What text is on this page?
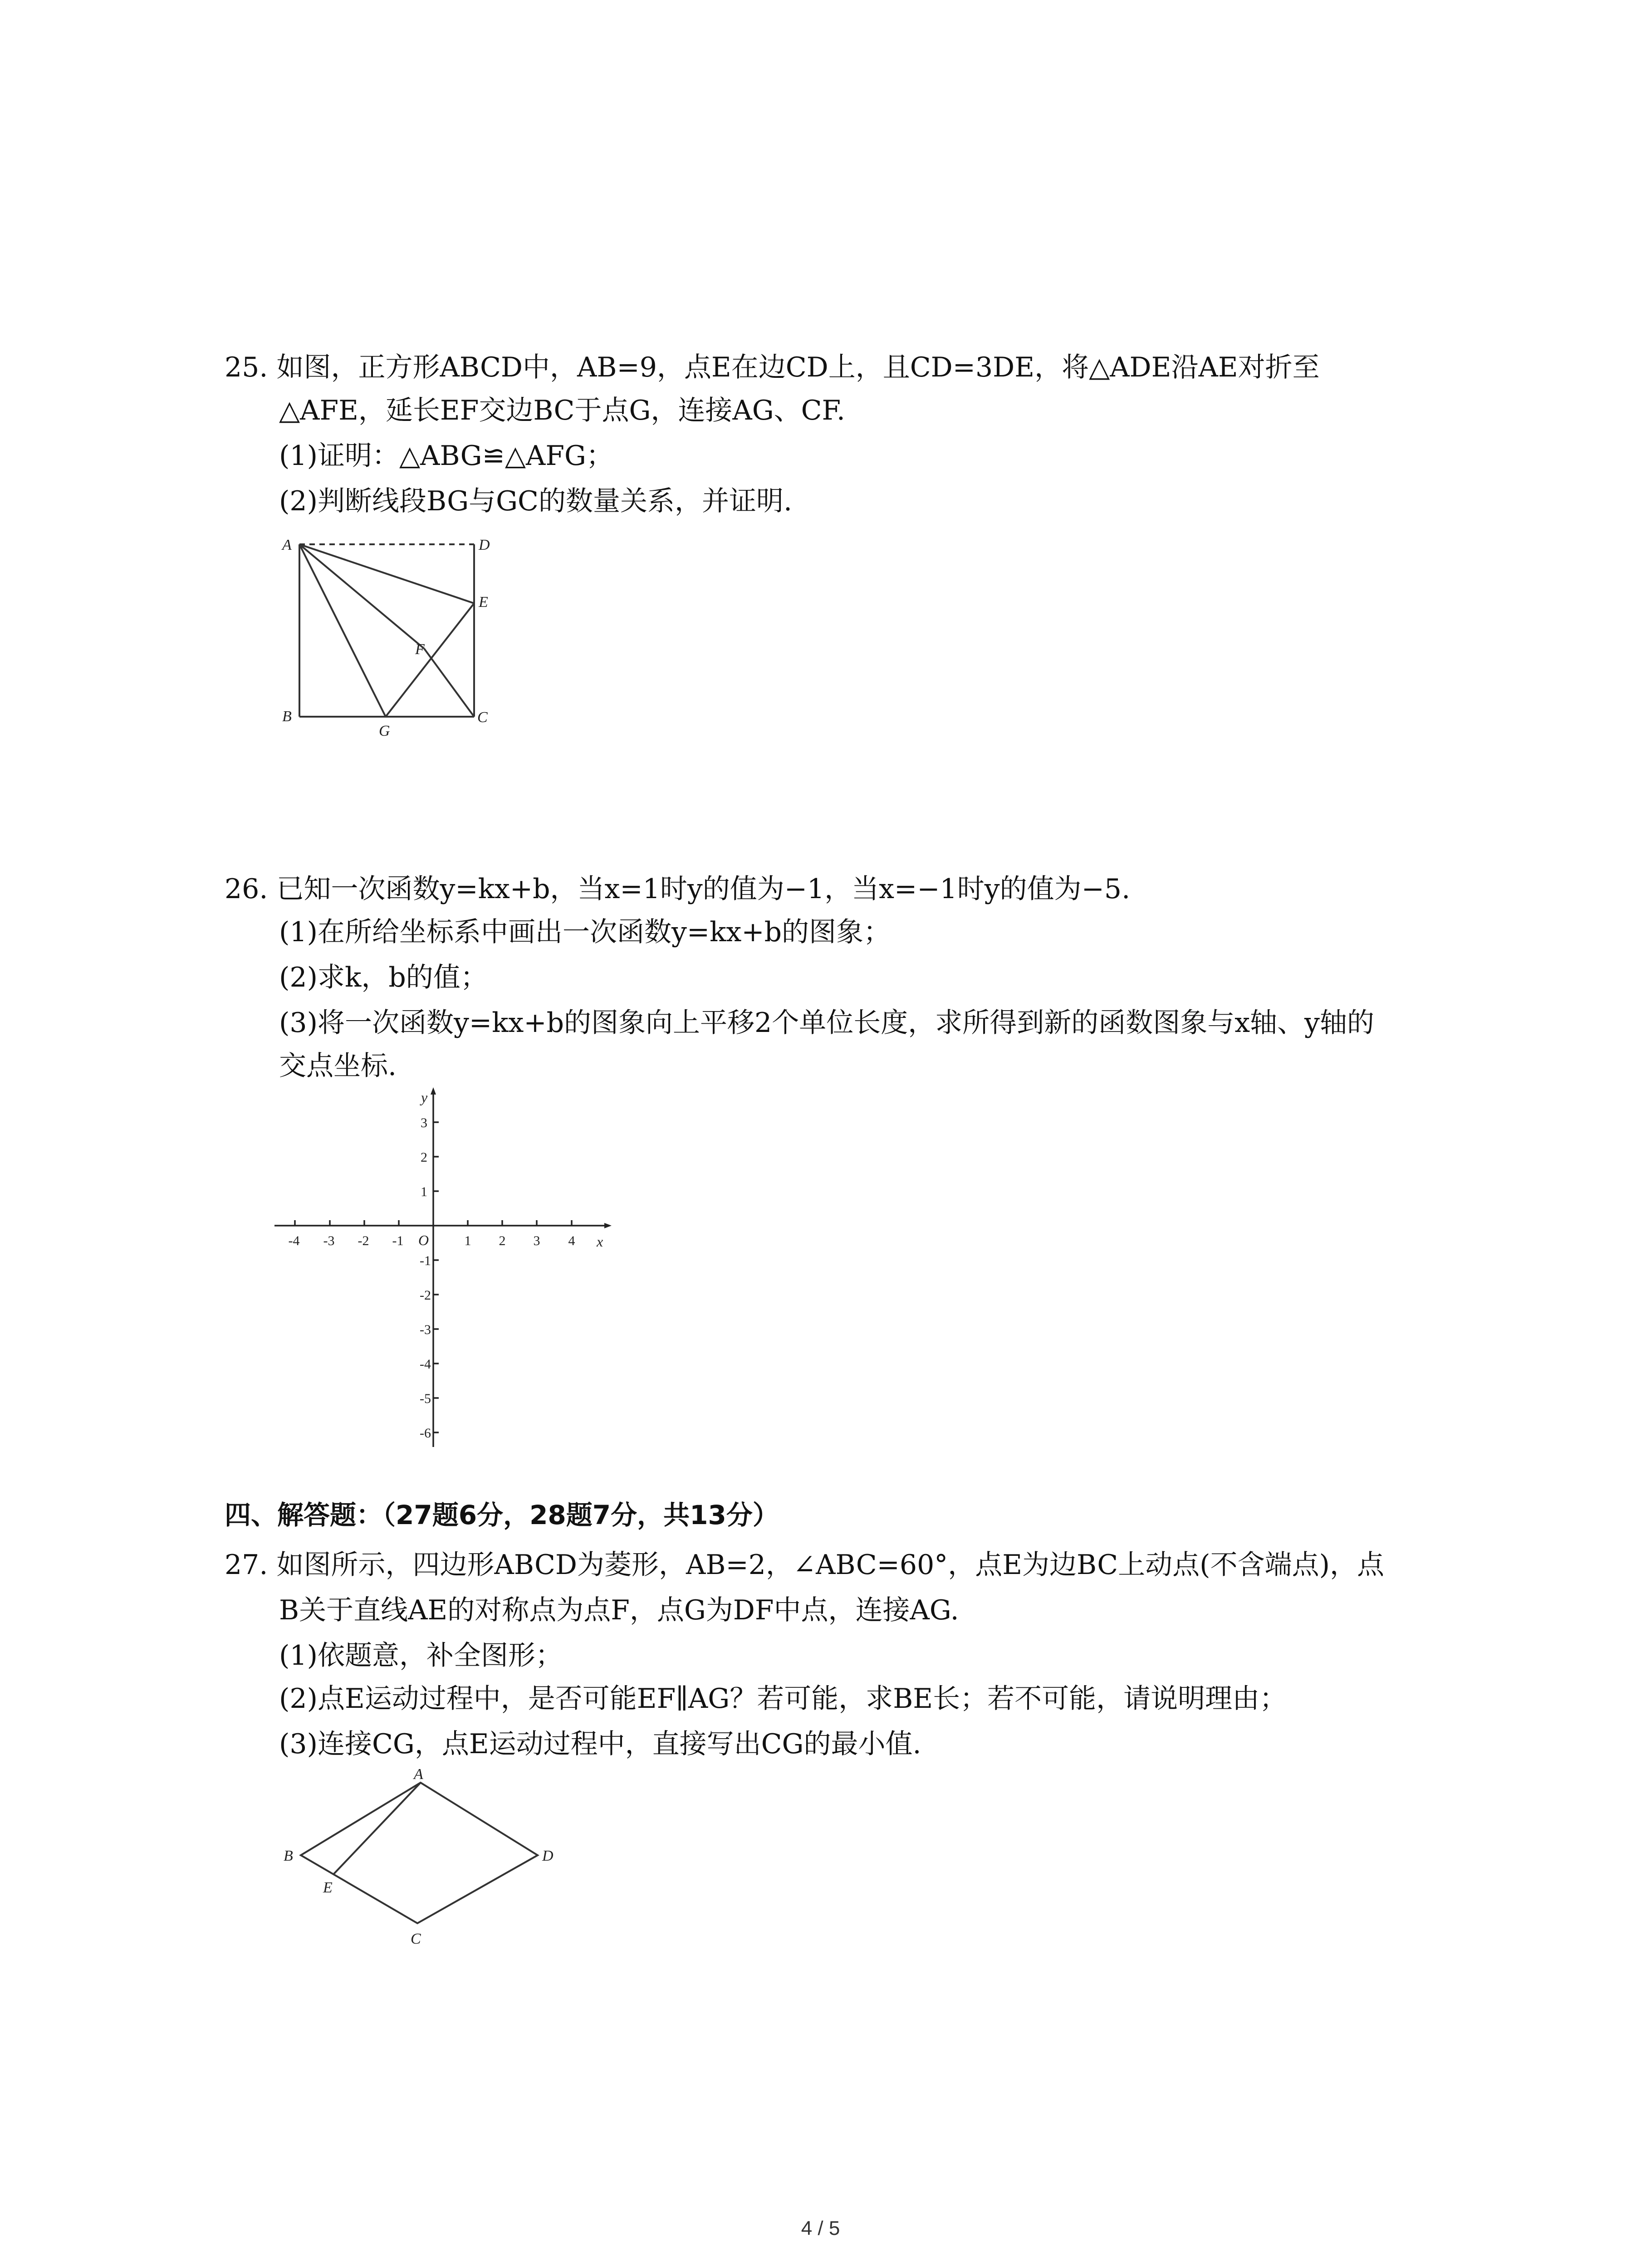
25. 如图，正方形ABCD中，AB=9，点E在边CD上，且CD=3DE，将△ADE沿AE对折至
△AFE，延长EF交边BC于点G，连接AG、CF.
(1)证明：△ABG≌△AFG；
(2)判断线段BG与GC的数量关系，并证明.
A	D
E
F
B	C
G
26. 已知一次函数y=kx+b，当x=1时y的值为−1，当x=−1时y的值为−5.
(1)在所给坐标系中画出一次函数y=kx+b的图象；
(2)求k，b的值；
(3)将一次函数y=kx+b的图象向上平移2个单位长度，求所得到新的函数图象与x轴、y轴的
交点坐标.
y
x
O
-4 -3 -2 -1	1 2 3 4
3
2
1
-1
-2
-3
-4
-5
-6
四、解答题：（27题6分，28题7分，共13分）
27. 如图所示，四边形ABCD为菱形，AB=2，∠ABC=60°，点E为边BC上动点(不含端点)，点
B关于直线AE的对称点为点F，点G为DF中点，连接AG.
(1)依题意，补全图形；
(2)点E运动过程中，是否可能EF∥AG？若可能，求BE长；若不可能，请说明理由；
(3)连接CG，点E运动过程中，直接写出CG的最小值.
A
B	D
E
C
4 / 5
